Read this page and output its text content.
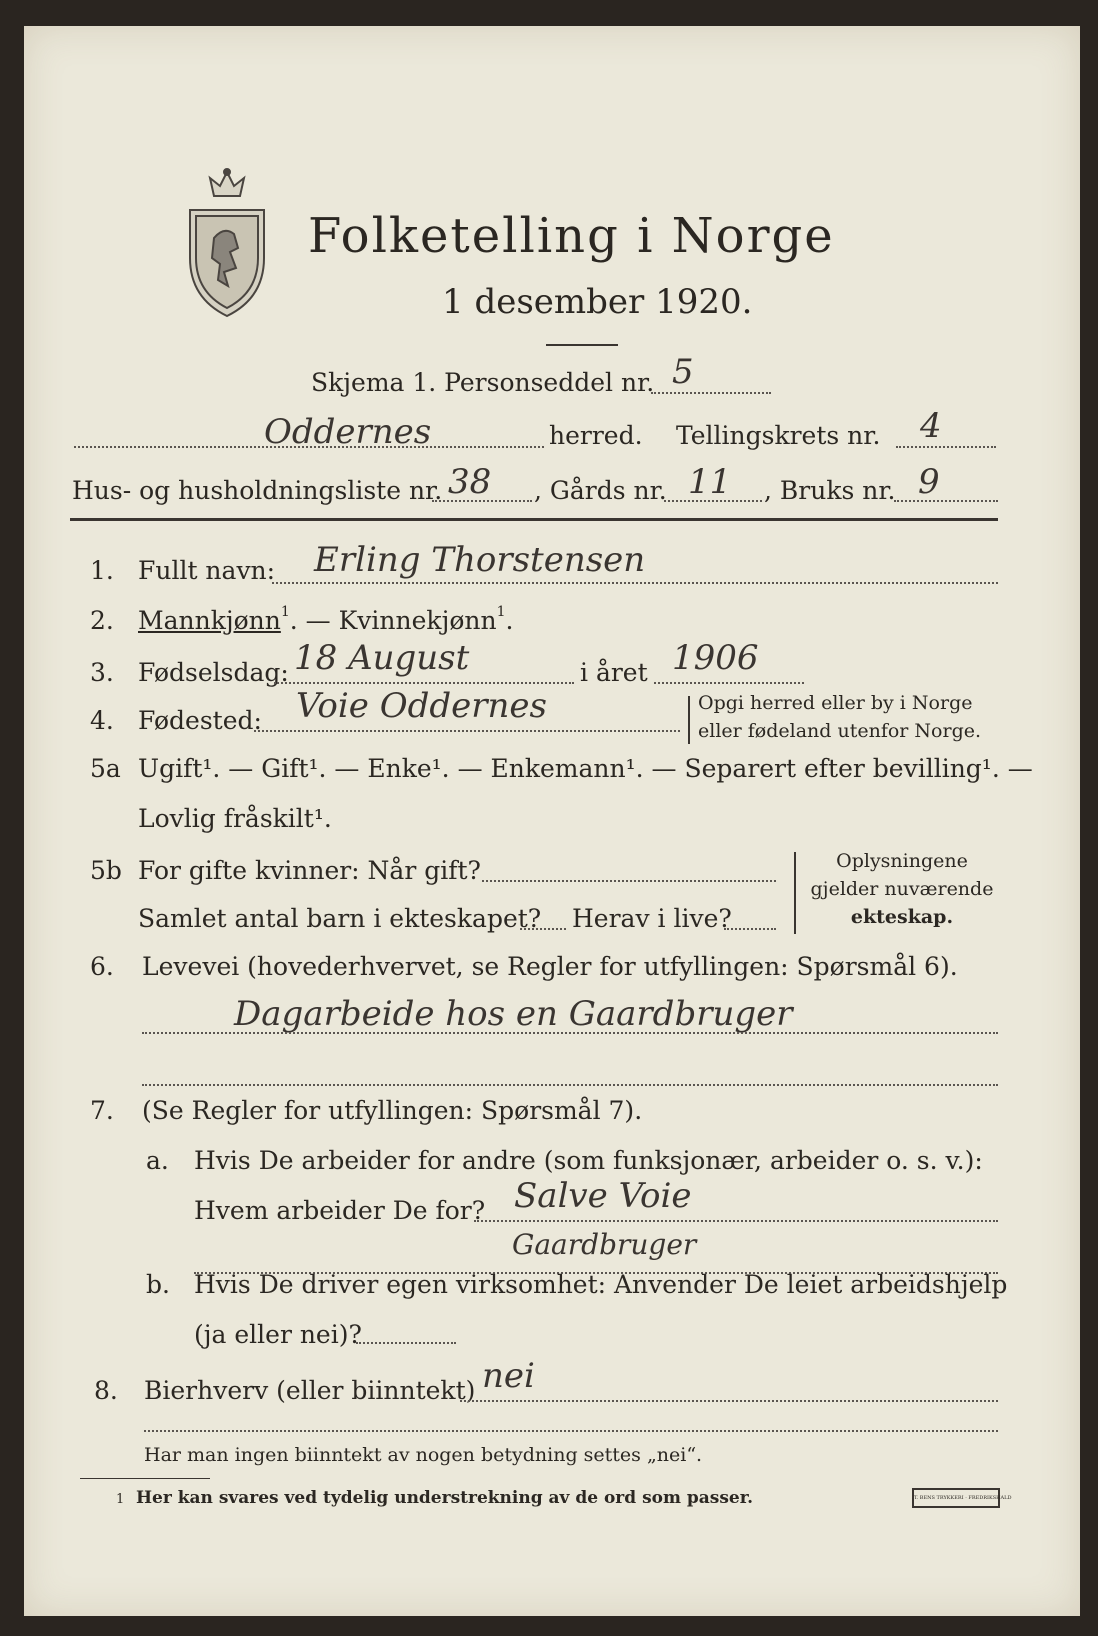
Folketelling i Norge
1 desember 1920.
Skjema 1. Personseddel nr. 5
Oddernes	herred. Tellingskrets nr. 4
Hus- og husholdningsliste nr. 38 , Gårds nr. 11 , Bruks nr. 9
1. Fullt navn: Erling Thorstensen
2. Mannkjønn$^1$. — Kvinnekjønn$^1$.
3. Fødselsdag: 18 August	i året 1906
4. Fødested: Voie Oddernes	Opgi herred eller by i Norge
eller fødeland utenfor Norge.
5a Ugift¹. — Gift¹. — Enke¹. — Enkemann¹. — Separert efter bevilling¹. —
Lovlig fråskilt¹.
5b For gifte kvinner: Når gift?
Samlet antal barn i ekteskapet? Herav i live?
Oplysningene
gjelder nuværende
ekteskap.
6. Levevei (hovederhvervet, se Regler for utfyllingen: Spørsmål 6).
Dagarbeide hos en Gaardbruger
7. (Se Regler for utfyllingen: Spørsmål 7).
a. Hvis De arbeider for andre (som funksjonær, arbeider o. s. v.):
Hvem arbeider De for? Salve Voie
Gaardbruger
b. Hvis De driver egen virksomhet: Anvender De leiet arbeidshjelp
(ja eller nei)?
8. Bierhverv (eller biinntekt) nei
Har man ingen biinntekt av nogen betydning settes „nei“.
1 Her kan svares ved tydelig understrekning av de ord som passer.	T. BENS TRYKKERI · FREDRIKSHALD
